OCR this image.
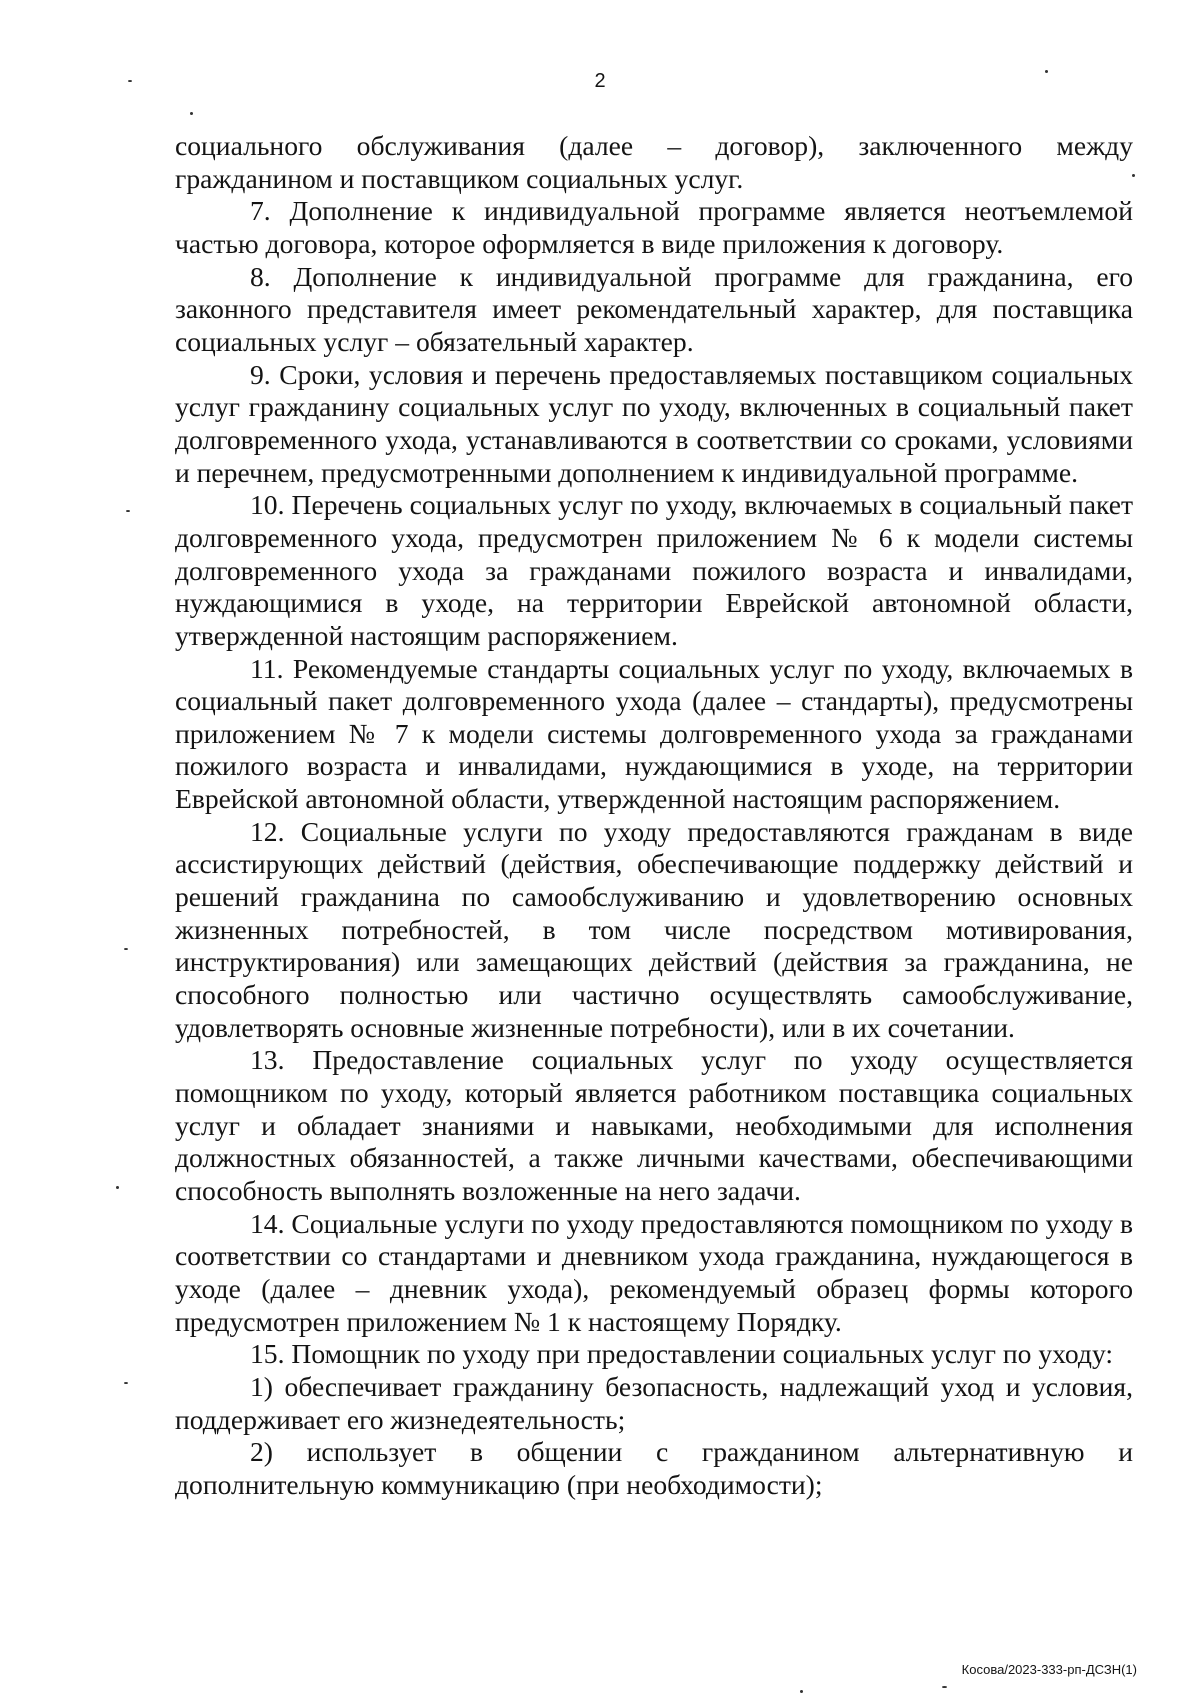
2

социального обслуживания (далее – договор), заключенного между гражданином и поставщиком социальных услуг.

7. Дополнение к индивидуальной программе является неотъемлемой частью договора, которое оформляется в виде приложения к договору.

8. Дополнение к индивидуальной программе для гражданина, его законного представителя имеет рекомендательный характер, для поставщика социальных услуг – обязательный характер.

9. Сроки, условия и перечень предоставляемых поставщиком социальных услуг гражданину социальных услуг по уходу, включенных в социальный пакет долговременного ухода, устанавливаются в соответствии со сроками, условиями и перечнем, предусмотренными дополнением к индивидуальной программе.

10. Перечень социальных услуг по уходу, включаемых в социальный пакет долговременного ухода, предусмотрен приложением № 6 к модели системы долговременного ухода за гражданами пожилого возраста и инвалидами, нуждающимися в уходе, на территории Еврейской автономной области, утвержденной настоящим распоряжением.

11. Рекомендуемые стандарты социальных услуг по уходу, включаемых в социальный пакет долговременного ухода (далее – стандарты), предусмотрены приложением № 7 к модели системы долговременного ухода за гражданами пожилого возраста и инвалидами, нуждающимися в уходе, на территории Еврейской автономной области, утвержденной настоящим распоряжением.

12. Социальные услуги по уходу предоставляются гражданам в виде ассистирующих действий (действия, обеспечивающие поддержку действий и решений гражданина по самообслуживанию и удовлетворению основных жизненных потребностей, в том числе посредством мотивирования, инструктирования) или замещающих действий (действия за гражданина, не способного полностью или частично осуществлять самообслуживание, удовлетворять основные жизненные потребности), или в их сочетании.

13. Предоставление социальных услуг по уходу осуществляется помощником по уходу, который является работником поставщика социальных услуг и обладает знаниями и навыками, необходимыми для исполнения должностных обязанностей, а также личными качествами, обеспечивающими способность выполнять возложенные на него задачи.

14. Социальные услуги по уходу предоставляются помощником по уходу в соответствии со стандартами и дневником ухода гражданина, нуждающегося в уходе (далее – дневник ухода), рекомендуемый образец формы которого предусмотрен приложением № 1 к настоящему Порядку.

15. Помощник по уходу при предоставлении социальных услуг по уходу:

1) обеспечивает гражданину безопасность, надлежащий уход и условия, поддерживает его жизнедеятельность;

2) использует в общении с гражданином альтернативную и дополнительную коммуникацию (при необходимости);

Косова/2023-333-рп-ДСЗН(1)
